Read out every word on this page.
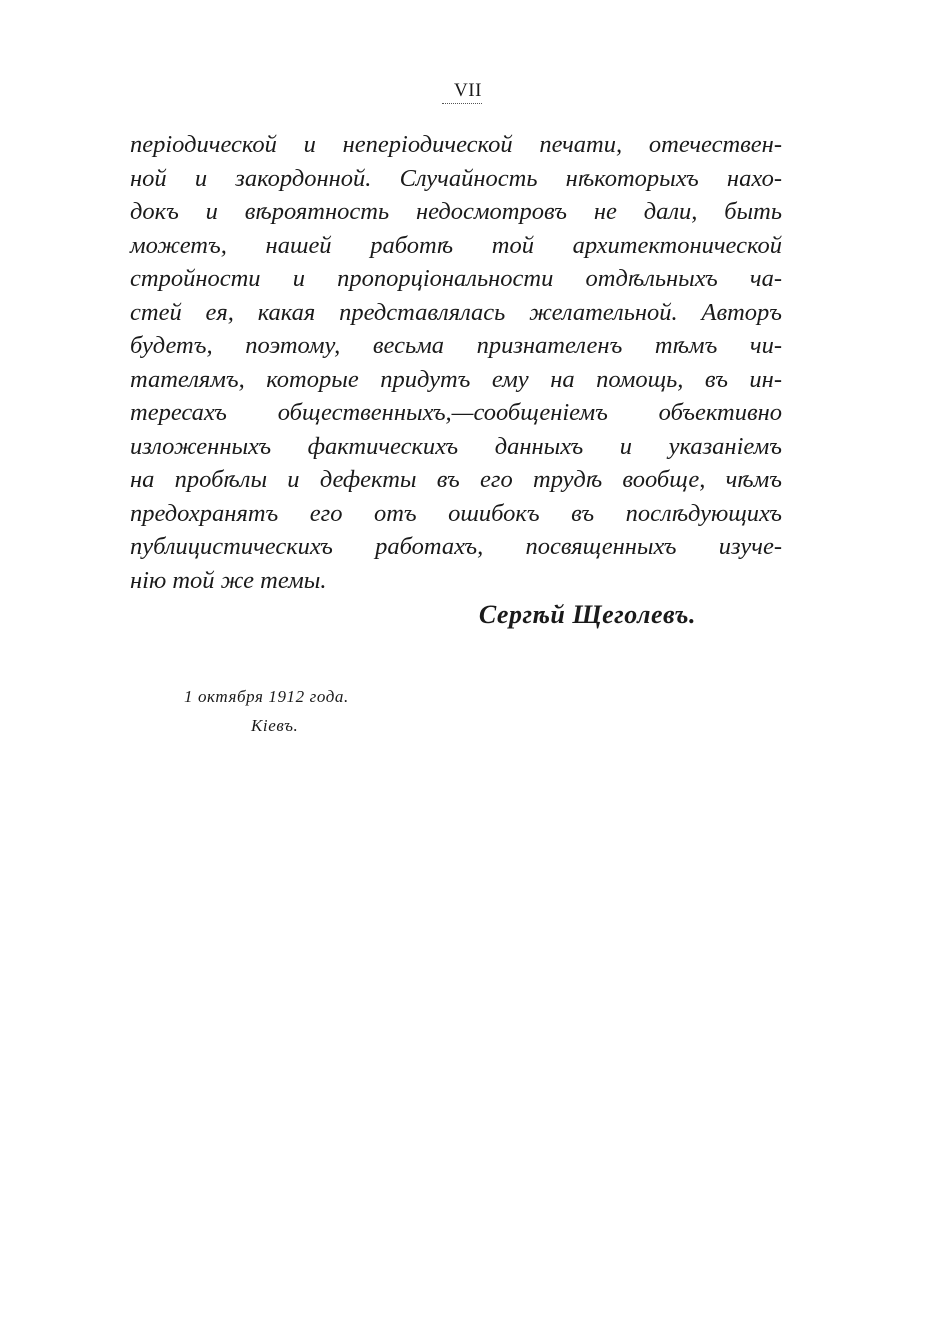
VII
періодической и непеpіодической печати, отечествен-
ной и закордонной. Случайность нѣкоторыхъ нахо-
докъ и вѣроятность недосмотровъ не дали, быть
можетъ, нашей работѣ той архитектонической
стройности и пропорціональности отдѣльныхъ ча-
стей ея, какая представлялась желательной. Авторъ
будетъ, поэтому, весьма признателенъ тѣмъ чи-
тателямъ, которые придутъ ему на помощь, въ ин-
тересахъ общественныхъ,—сообщеніемъ объективно
изложенныхъ фактическихъ данныхъ и указаніемъ
на пробѣлы и дефекты въ его трудѣ вообще, чѣмъ
предохранятъ его отъ ошибокъ въ послѣдующихъ
публицистическихъ работахъ, посвященныхъ изуче-
нію той же темы.
Сергѣй Щеголевъ.
1 октября 1912 года.
Кіевъ.
